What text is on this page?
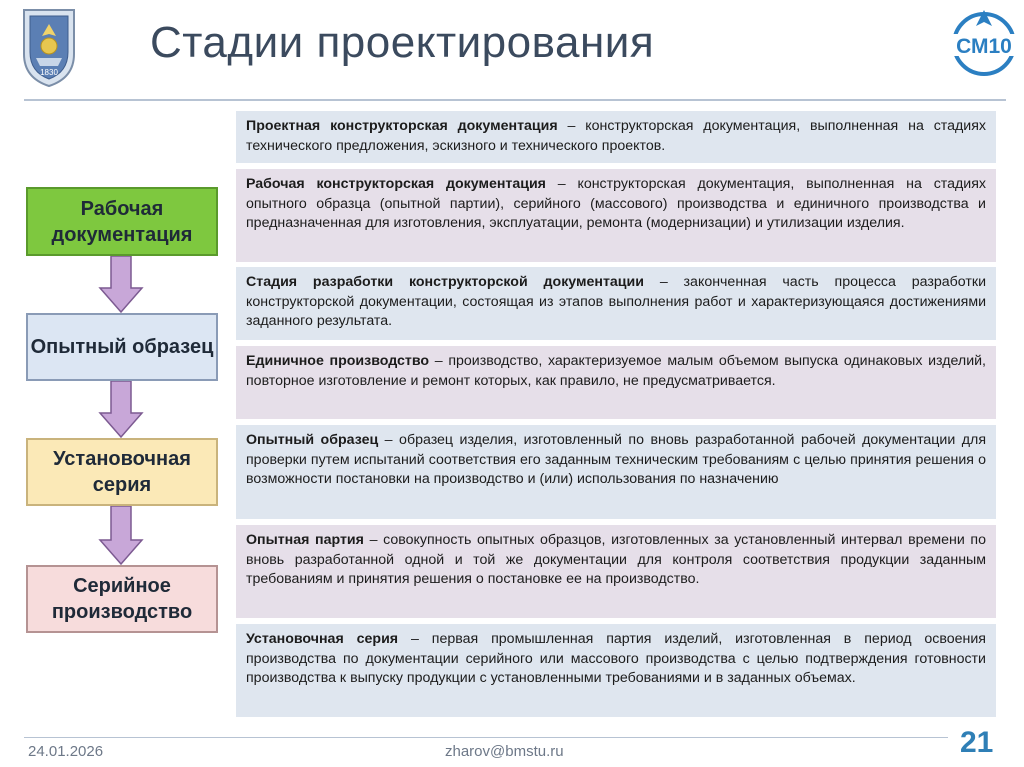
1830
Стадии проектирования	СМ10
Рабочая документация
Опытный образец
Установочная серия
Серийное производство
Проектная конструкторская документация – конструкторская документация, выполненная на стадиях технического предложения, эскизного и технического проектов.
Рабочая конструкторская документация – конструкторская документация, выполненная на стадиях опытного образца (опытной партии), серийного (массового) производства и единичного производства и предназначенная для изготовления, эксплуатации, ремонта (модернизации) и утилизации изделия.
Стадия разработки конструкторской документации – законченная часть процесса разработки конструкторской документации, состоящая из этапов выполнения работ и характеризующаяся достижениями заданного результата.
Единичное производство – производство, характеризуемое малым объемом выпуска одинаковых изделий, повторное изготовление и ремонт которых, как правило, не предусматривается.
Опытный образец – образец изделия, изготовленный по вновь разработанной рабочей документации для проверки путем испытаний соответствия его заданным техническим требованиям с целью принятия решения о возможности постановки на производство и (или) использования по назначению
Опытная партия – совокупность опытных образцов, изготовленных за установленный интервал времени по вновь разработанной одной и той же документации для контроля соответствия продукции заданным требованиям и принятия решения о постановке ее на производство.
Установочная серия – первая промышленная партия изделий, изготовленная в период освоения производства по документации серийного или массового производства с целью подтверждения готовности производства к выпуску продукции с установленными требованиями и в заданных объемах.
24.01.2026	zharov@bmstu.ru	21
